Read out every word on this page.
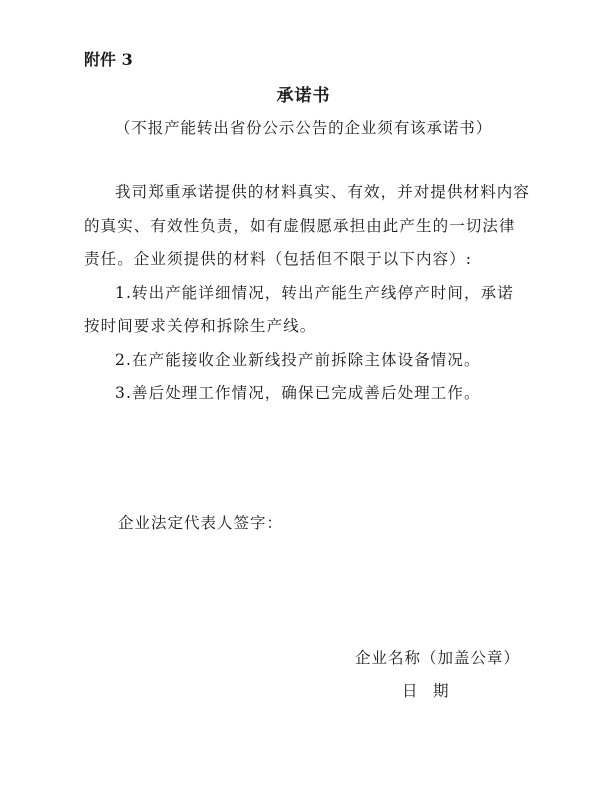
附件 3
承诺书
（不报产能转出省份公示公告的企业须有该承诺书）

我司郑重承诺提供的材料真实、有效，并对提供材料内容的真实、有效性负责，如有虚假愿承担由此产生的一切法律责任。企业须提供的材料（包括但不限于以下内容）:

1.转出产能详细情况，转出产能生产线停产时间，承诺按时间要求关停和拆除生产线。

2.在产能接收企业新线投产前拆除主体设备情况。

3.善后处理工作情况，确保已完成善后处理工作。

企业法定代表人签字：
企业名称（加盖公章）
日　期
